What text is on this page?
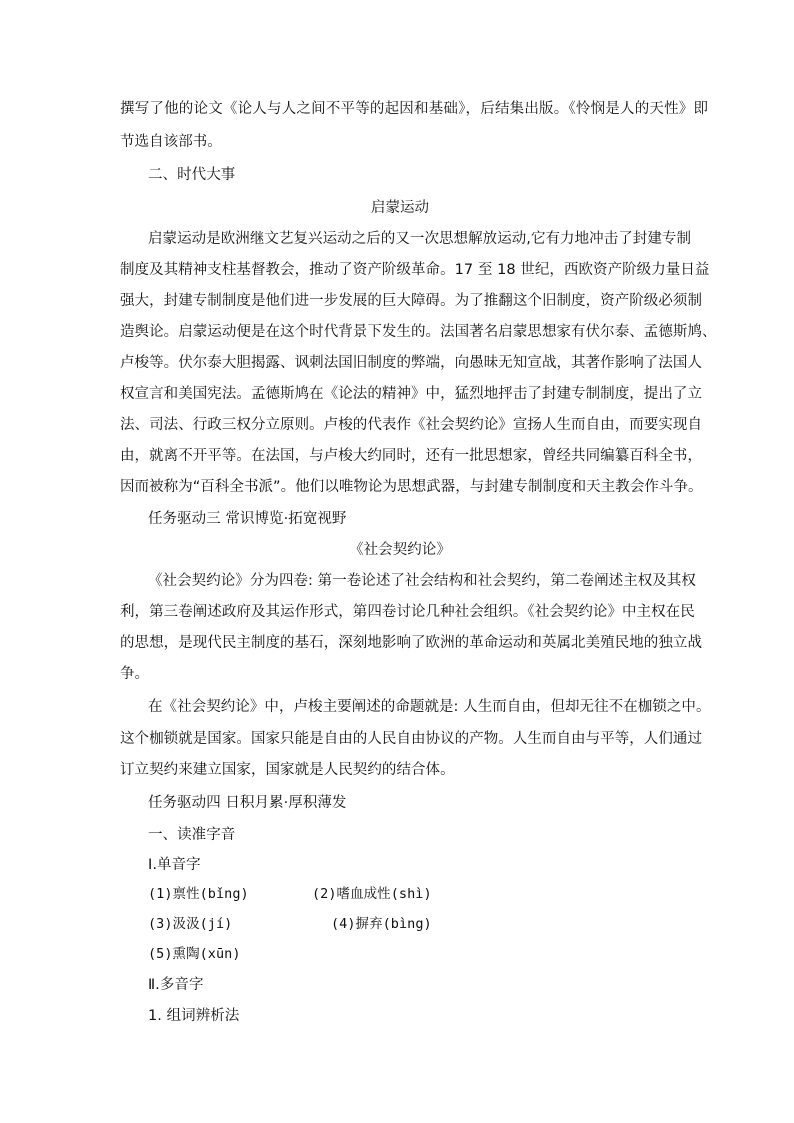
撰写了他的论文《论人与人之间不平等的起因和基础》，后结集出版。《怜悯是人的天性》即
节选自该部书。
二、时代大事
启蒙运动
启蒙运动是欧洲继文艺复兴运动之后的又一次思想解放运动,它有力地冲击了封建专制
制度及其精神支柱基督教会，推动了资产阶级革命。17 至 18 世纪，西欧资产阶级力量日益
强大，封建专制制度是他们进一步发展的巨大障碍。为了推翻这个旧制度，资产阶级必须制
造舆论。启蒙运动便是在这个时代背景下发生的。法国著名启蒙思想家有伏尔泰、孟德斯鸠、
卢梭等。伏尔泰大胆揭露、讽刺法国旧制度的弊端，向愚昧无知宣战，其著作影响了法国人
权宣言和美国宪法。孟德斯鸠在《论法的精神》中，猛烈地抨击了封建专制制度，提出了立
法、司法、行政三权分立原则。卢梭的代表作《社会契约论》宣扬人生而自由，而要实现自
由，就离不开平等。在法国，与卢梭大约同时，还有一批思想家，曾经共同编纂百科全书，
因而被称为“百科全书派”。他们以唯物论为思想武器，与封建专制制度和天主教会作斗争。
任务驱动三 常识博览·拓宽视野
《社会契约论》
《社会契约论》分为四卷: 第一卷论述了社会结构和社会契约，第二卷阐述主权及其权
利，第三卷阐述政府及其运作形式，第四卷讨论几种社会组织。《社会契约论》中主权在民
的思想，是现代民主制度的基石，深刻地影响了欧洲的革命运动和英属北美殖民地的独立战
争。
在《社会契约论》中，卢梭主要阐述的命题就是: 人生而自由，但却无往不在枷锁之中。
这个枷锁就是国家。国家只能是自由的人民自由协议的产物。人生而自由与平等，人们通过
订立契约来建立国家，国家就是人民契约的结合体。
任务驱动四 日积月累·厚积薄发
一、读准字音
Ⅰ.单音字
(1)禀性(bǐng)	(2)嗜血成性(shì)
(3)汲汲(jí)	(4)摒弃(bìng)
(5)熏陶(xūn)
Ⅱ.多音字
1. 组词辨析法
